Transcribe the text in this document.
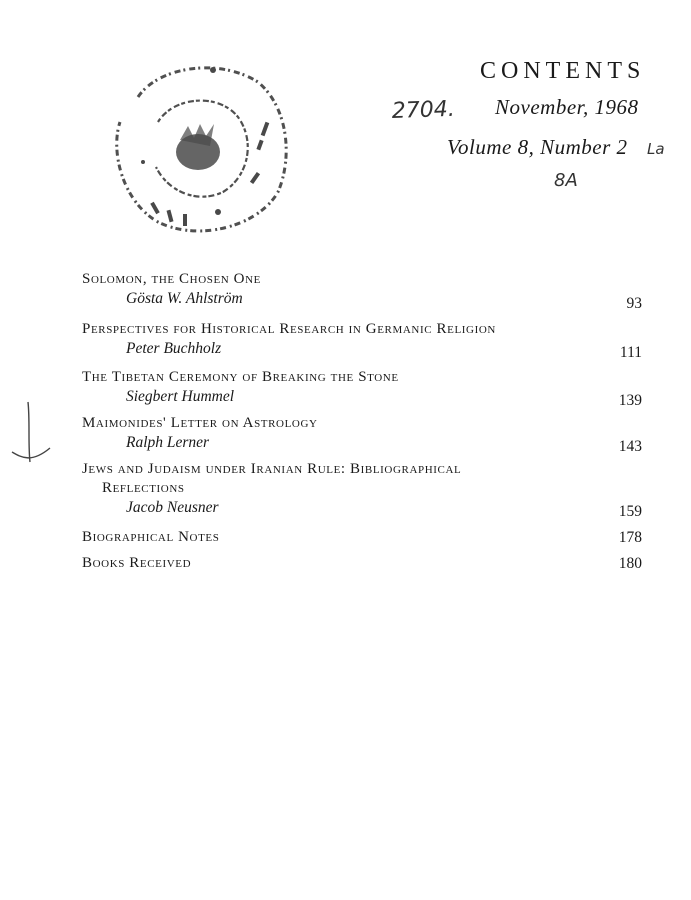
CONTENTS
November, 1968
Volume 8, Number 2
2704.
La
8A
Solomon, the Chosen One
Gösta W. Ahlström	93
Perspectives for Historical Research in Germanic Religion
Peter Buchholz	111
The Tibetan Ceremony of Breaking the Stone
Siegbert Hummel	139
Maimonides' Letter on Astrology
Ralph Lerner	143
Jews and Judaism under Iranian Rule: Bibliographical
Reflections
Jacob Neusner	159
Biographical Notes	178
Books Received	180
